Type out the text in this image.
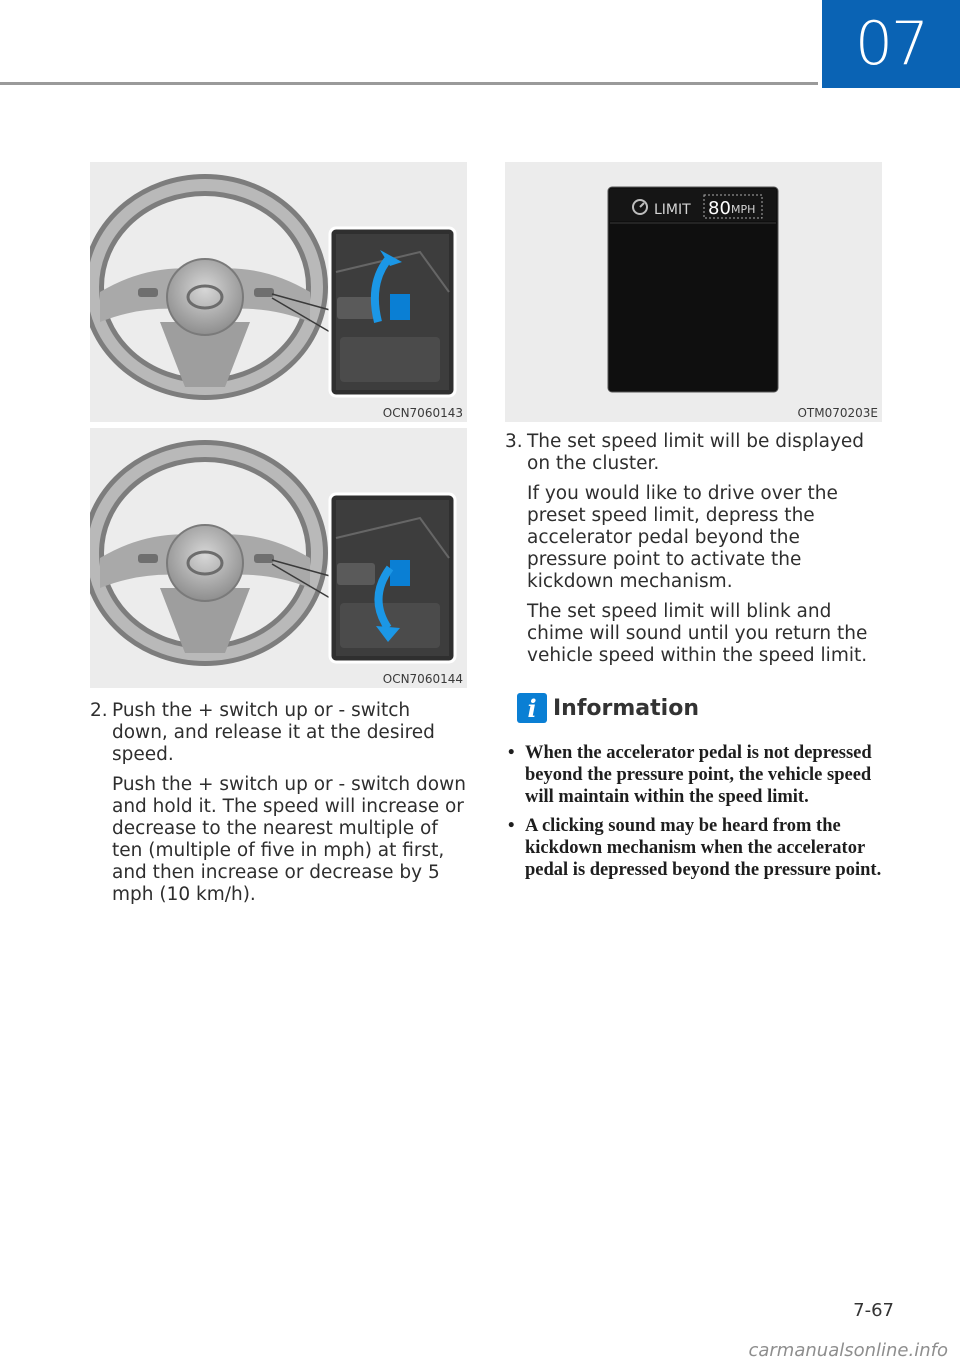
07
OCN7060143
OCN7060144
LIMIT 80 MPH
OTM070203E
2. Push the + switch up or - switch down, and release it at the desired speed.

Push the + switch up or - switch down and hold it. The speed will increase or decrease to the nearest multiple of ten (multiple of five in mph) at first, and then increase or decrease by 5 mph (10 km/h).

3. The set speed limit will be displayed on the cluster.

If you would like to drive over the preset speed limit, depress the accelerator pedal beyond the pressure point to activate the kickdown mechanism.

The set speed limit will blink and chime will sound until you return the vehicle speed within the speed limit.

i Information
• When the accelerator pedal is not depressed beyond the pressure point, the vehicle speed will maintain within the speed limit.
• A clicking sound may be heard from the kickdown mechanism when the accelerator pedal is depressed beyond the pressure point.
7-67
carmanualsonline.info
